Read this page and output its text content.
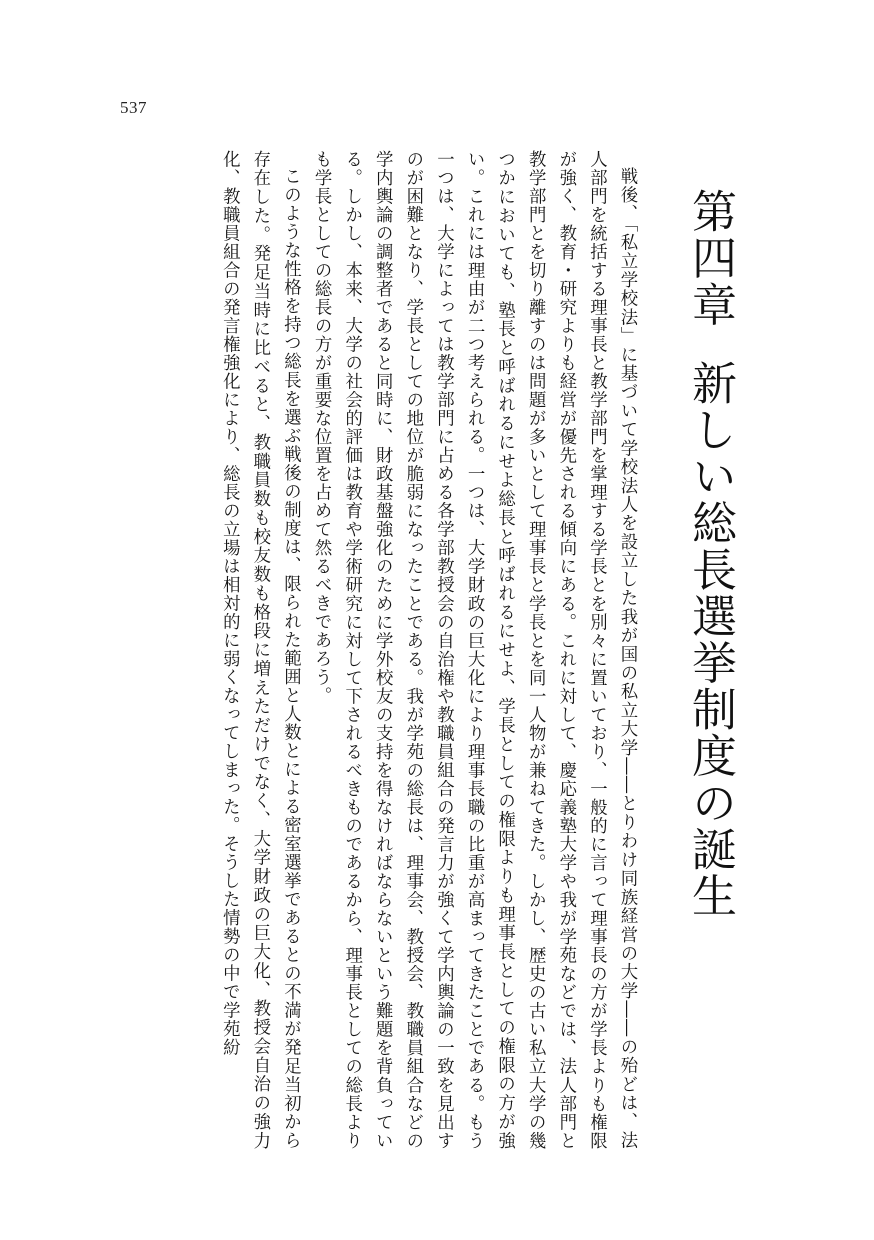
537
第四章新しい総長選挙制度の誕生

戦後、「私立学校法」に基づいて学校法人を設立した我が国の私立大学――とりわけ同族経営の大学――の殆どは、法人部門を統括する理事長と教学部門を掌理する学長とを別々に置いており、一般的に言って理事長の方が学長よりも権限が強く、教育・研究よりも経営が優先される傾向にある。これに対して、慶応義塾大学や我が学苑などでは、法人部門と教学部門とを切り離すのは問題が多いとして理事長と学長とを同一人物が兼ねてきた。しかし、歴史の古い私立大学の幾つかにおいても、塾長と呼ばれるにせよ総長と呼ばれるにせよ、学長としての権限よりも理事長としての権限の方が強い。これには理由が二つ考えられる。一つは、大学財政の巨大化により理事長職の比重が高まってきたことである。もう一つは、大学によっては教学部門に占める各学部教授会の自治権や教職員組合の発言力が強くて学内輿論の一致を見出すのが困難となり、学長としての地位が脆弱になったことである。我が学苑の総長は、理事会、教授会、教職員組合などの学内輿論の調整者であると同時に、財政基盤強化のために学外校友の支持を得なければならないという難題を背負っている。しかし、本来、大学の社会的評価は教育や学術研究に対して下されるべきものであるから、理事長としての総長よりも学長としての総長の方が重要な位置を占めて然るべきであろう。

このような性格を持つ総長を選ぶ戦後の制度は、限られた範囲と人数とによる密室選挙であるとの不満が発足当初から存在した。発足当時に比べると、教職員数も校友数も格段に増えただけでなく、大学財政の巨大化、教授会自治の強力化、教職員組合の発言権強化により、総長の立場は相対的に弱くなってしまった。そうした情勢の中で学苑紛
